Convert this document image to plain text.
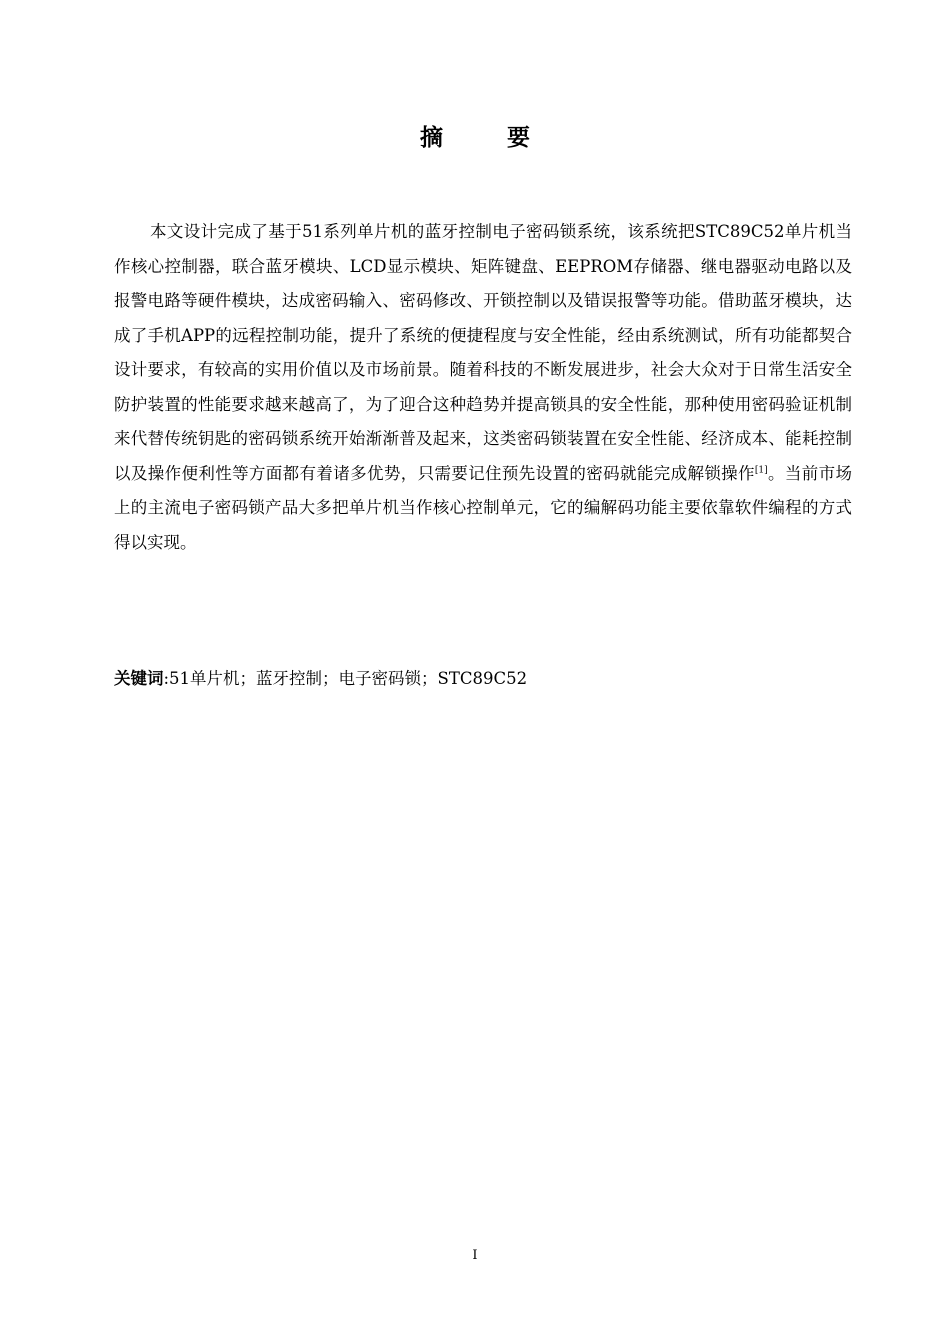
摘 要
本文设计完成了基于51系列单片机的蓝牙控制电子密码锁系统，该系统把STC89C52单片机当作核心控制器，联合蓝牙模块、LCD显示模块、矩阵键盘、EEPROM存储器、继电器驱动电路以及报警电路等硬件模块，达成密码输入、密码修改、开锁控制以及错误报警等功能。借助蓝牙模块，达成了手机APP的远程控制功能，提升了系统的便捷程度与安全性能，经由系统测试，所有功能都契合设计要求，有较高的实用价值以及市场前景。随着科技的不断发展进步，社会大众对于日常生活安全防护装置的性能要求越来越高了，为了迎合这种趋势并提高锁具的安全性能，那种使用密码验证机制来代替传统钥匙的密码锁系统开始渐渐普及起来，这类密码锁装置在安全性能、经济成本、能耗控制以及操作便利性等方面都有着诸多优势，只需要记住预先设置的密码就能完成解锁操作[1]。当前市场上的主流电子密码锁产品大多把单片机当作核心控制单元，它的编解码功能主要依靠软件编程的方式得以实现。
关键词:51单片机；蓝牙控制；电子密码锁；STC89C52
I
